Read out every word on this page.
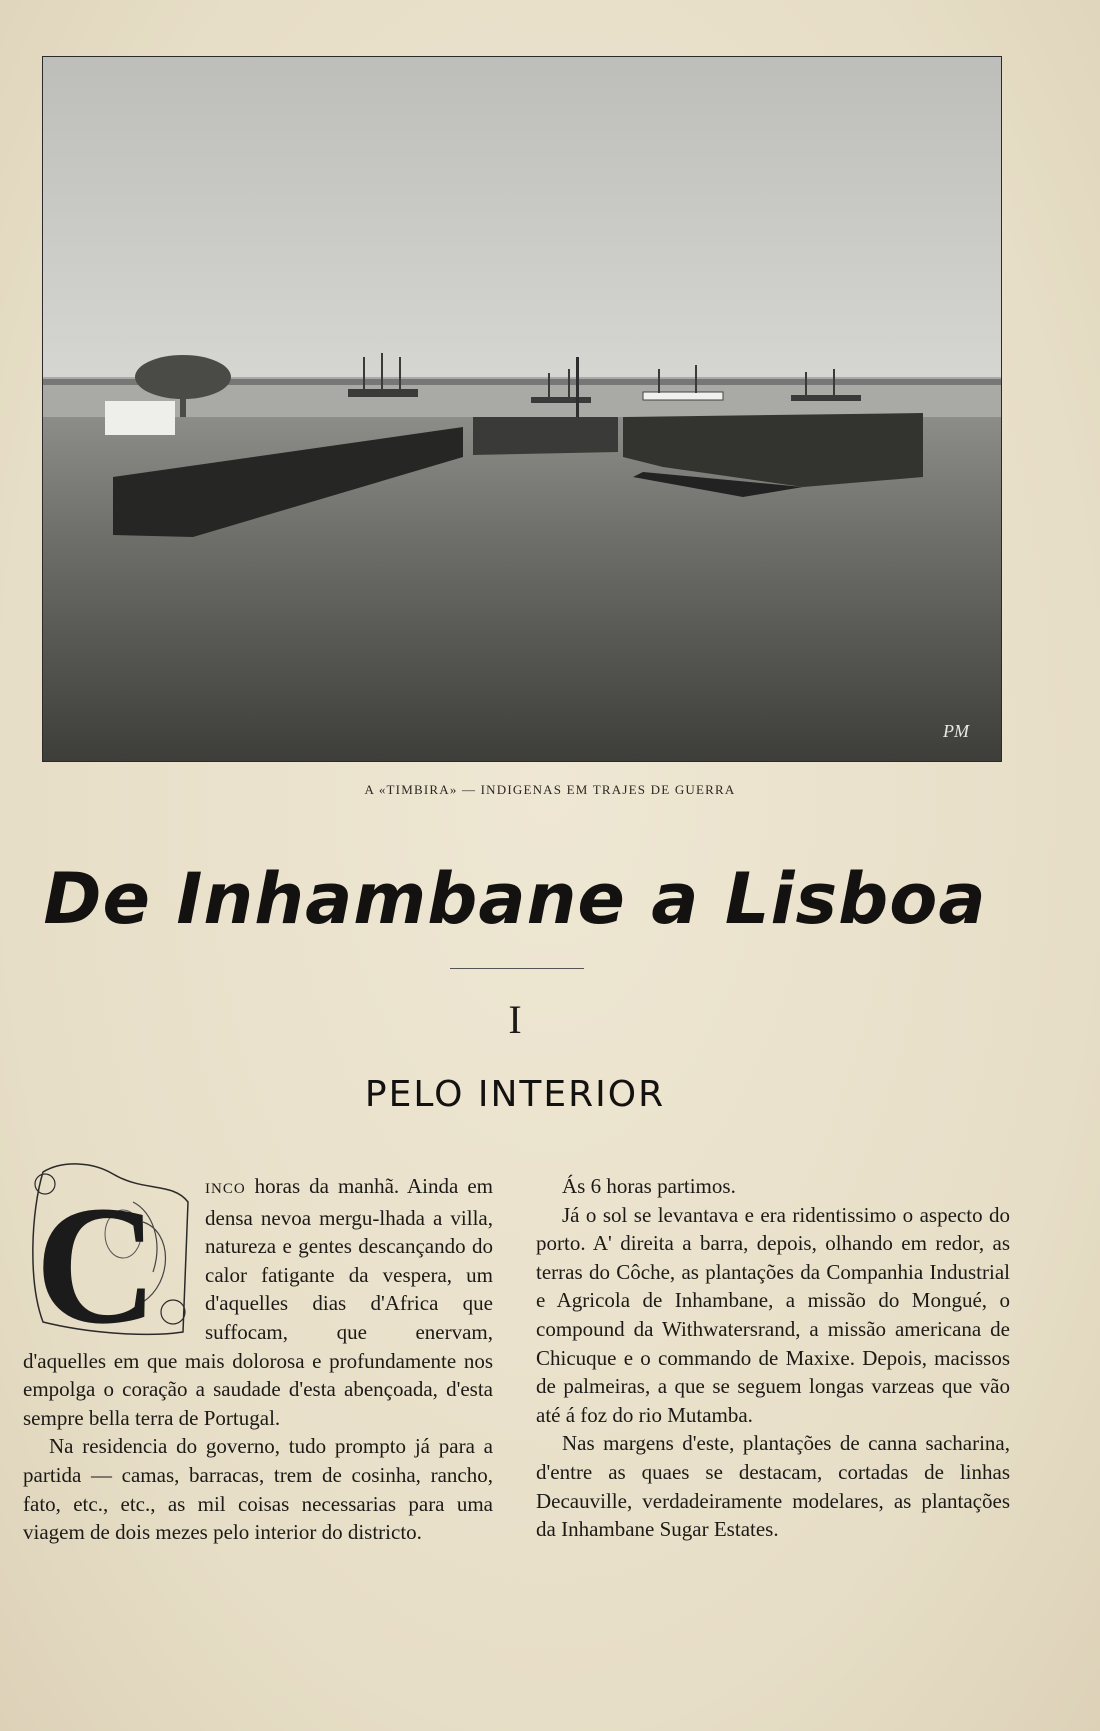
PM
A «TIMBIRA» — INDIGENAS EM TRAJES DE GUERRA
De Inhambane a Lisboa
I
PELO INTERIOR

C	INCO horas da manhã. Ainda em densa nevoa mergu-lhada a villa, natureza e gentes descançando do calor fatigante da vespera, um d'aquelles dias d'Africa que suffocam, que enervam, d'aquelles em que mais dolorosa e profundamente nos empolga o coração a saudade d'esta abençoada, d'esta sempre bella terra de Portugal.

Na residencia do governo, tudo prompto já para a partida — camas, barracas, trem de cosinha, rancho, fato, etc., etc., as mil coisas necessarias para uma viagem de dois mezes pelo interior do districto.

Ás 6 horas partimos.

Já o sol se levantava e era ridentissimo o aspecto do porto. A' direita a barra, depois, olhando em redor, as terras do Côche, as plantações da Companhia Industrial e Agricola de Inhambane, a missão do Mongué, o compound da Withwatersrand, a missão americana de Chicuque e o commando de Maxixe. Depois, macissos de palmeiras, a que se seguem longas varzeas que vão até á foz do rio Mutamba.

Nas margens d'este, plantações de canna sacharina, d'entre as quaes se destacam, cortadas de linhas Decauville, verdadeiramente modelares, as plantações da Inhambane Sugar Estates.
